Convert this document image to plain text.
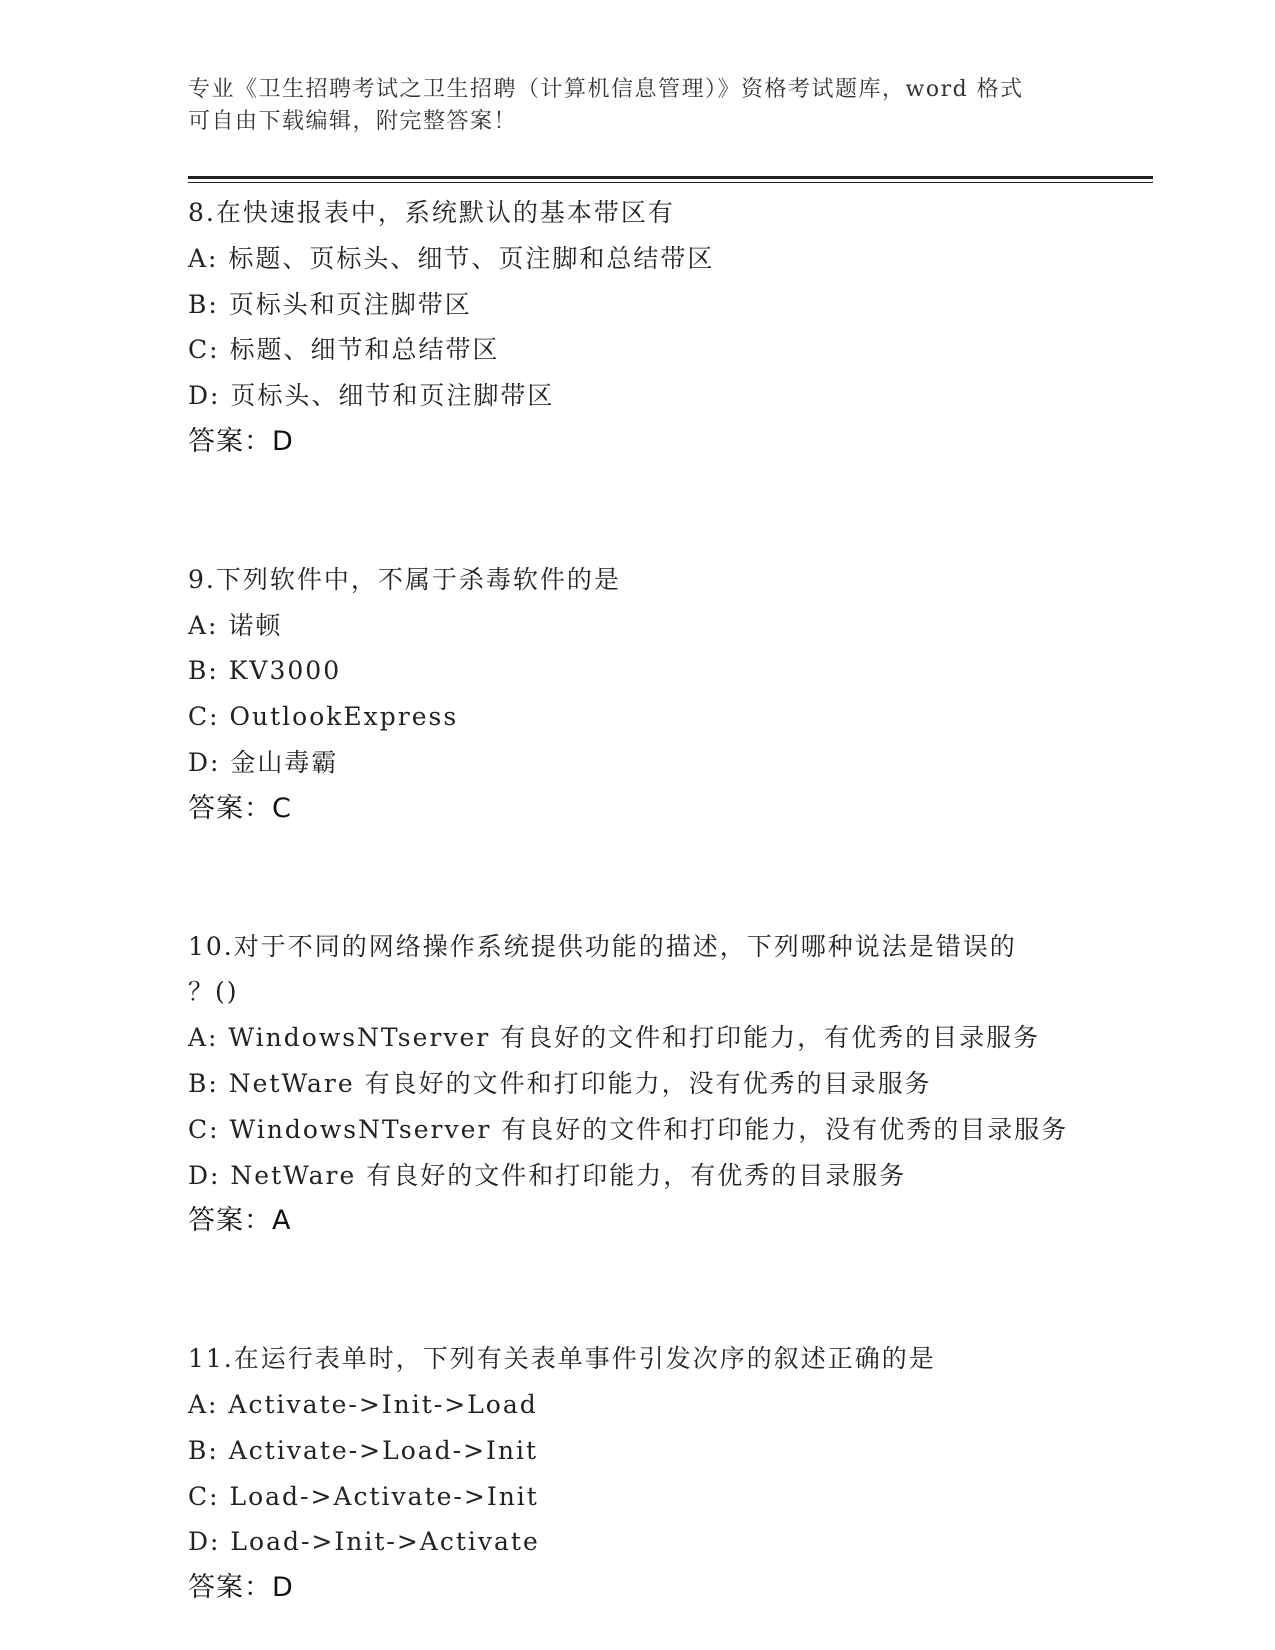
专业《卫生招聘考试之卫生招聘（计算机信息管理）》资格考试题库，word 格式
可自由下载编辑，附完整答案！
8.在快速报表中，系统默认的基本带区有
A: 标题、页标头、细节、页注脚和总结带区
B: 页标头和页注脚带区
C: 标题、细节和总结带区
D: 页标头、细节和页注脚带区
答案：D
9.下列软件中，不属于杀毒软件的是
A: 诺顿
B: KV3000
C: OutlookExpress
D: 金山毒霸
答案：C
10.对于不同的网络操作系统提供功能的描述，下列哪种说法是错误的
？()
A: WindowsNTserver 有良好的文件和打印能力，有优秀的目录服务
B: NetWare 有良好的文件和打印能力，没有优秀的目录服务
C: WindowsNTserver 有良好的文件和打印能力，没有优秀的目录服务
D: NetWare 有良好的文件和打印能力，有优秀的目录服务
答案：A
11.在运行表单时，下列有关表单事件引发次序的叙述正确的是
A: Activate->Init->Load
B: Activate->Load->Init
C: Load->Activate->Init
D: Load->Init->Activate
答案：D
